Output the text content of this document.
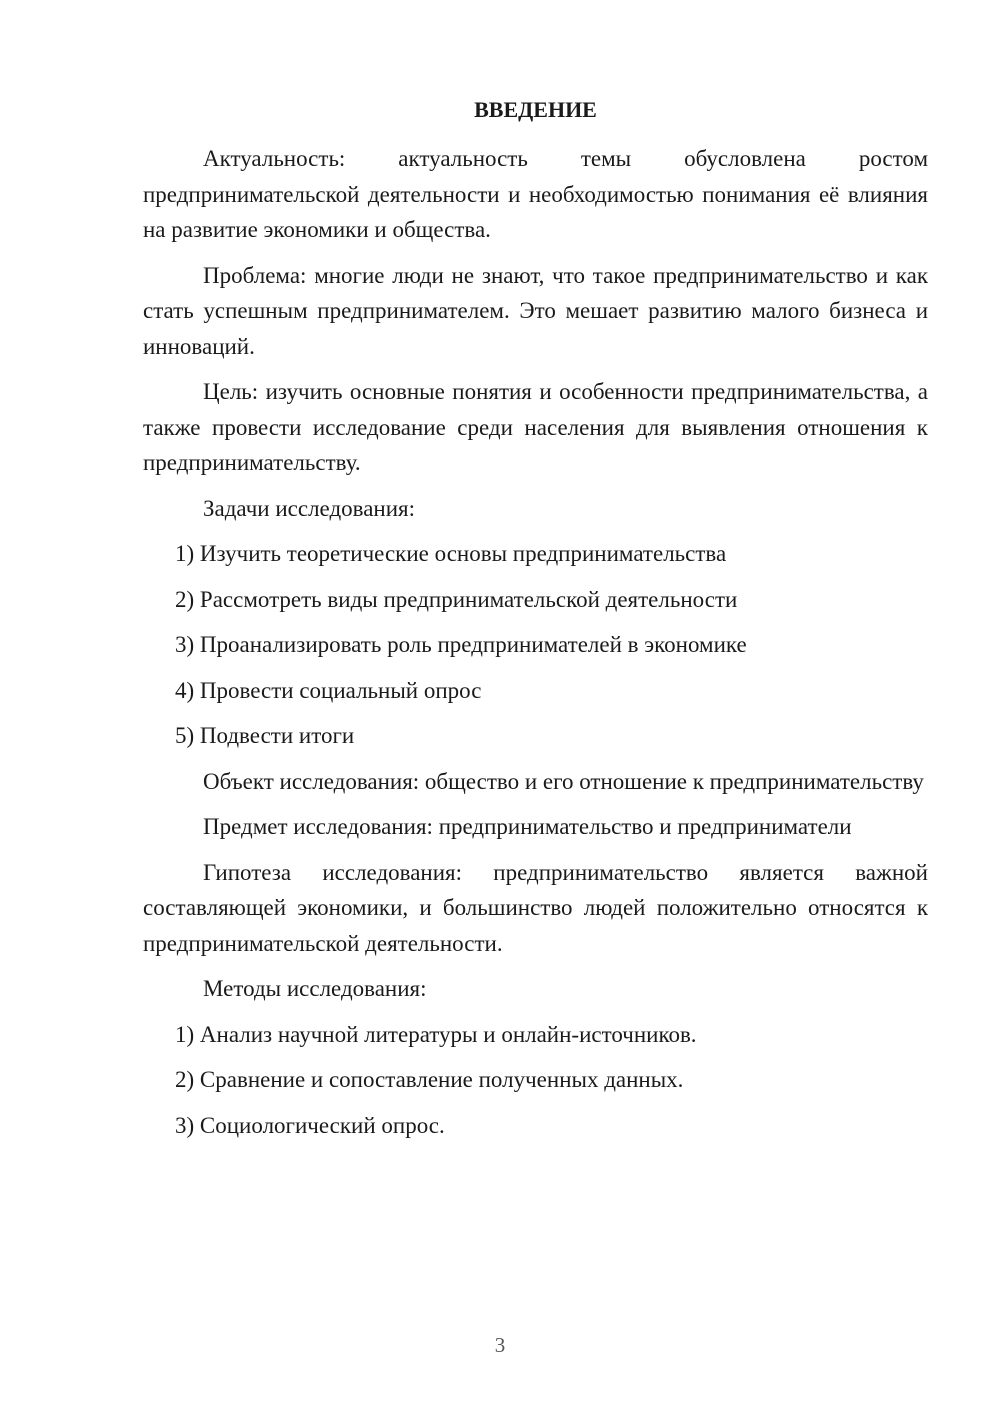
ВВЕДЕНИЕ

Актуальность: актуальность темы обусловлена ростом предпринимательской деятельности и необходимостью понимания её влияния на развитие экономики и общества.

Проблема: многие люди не знают, что такое предпринимательство и как стать успешным предпринимателем. Это мешает развитию малого бизнеса и инноваций.

Цель: изучить основные понятия и особенности предпринимательства, а также провести исследование среди населения для выявления отношения к предпринимательству.

Задачи исследования:

1) Изучить теоретические основы предпринимательства
2) Рассмотреть виды предпринимательской деятельности
3) Проанализировать роль предпринимателей в экономике
4) Провести социальный опрос
5) Подвести итоги

Объект исследования: общество и его отношение к предпринимательству

Предмет исследования: предпринимательство и предприниматели

Гипотеза исследования: предпринимательство является важной составляющей экономики, и большинство людей положительно относятся к предпринимательской деятельности.

Методы исследования:

1) Анализ научной литературы и онлайн-источников.
2) Сравнение и сопоставление полученных данных.
3) Социологический опрос.
3
